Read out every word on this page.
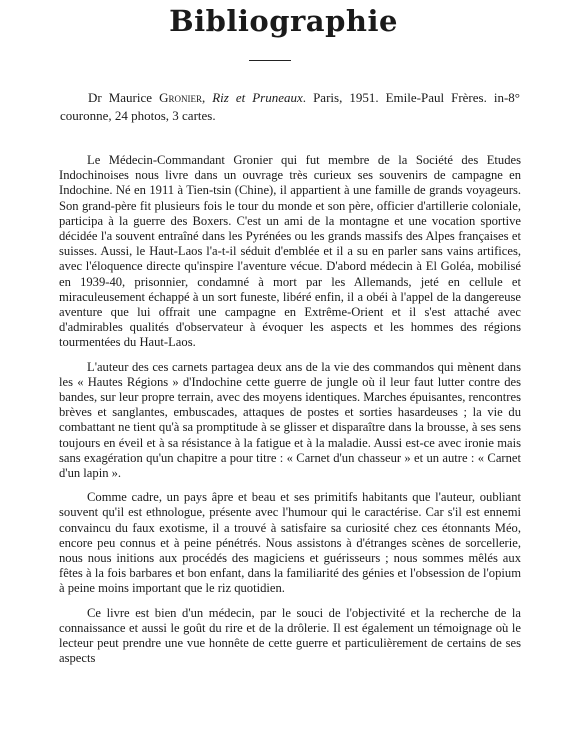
Bibliographie

Dr Maurice Gronier, Riz et Pruneaux. Paris, 1951. Emile-Paul Frères. in-8° couronne, 24 photos, 3 cartes.

Le Médecin-Commandant Gronier qui fut membre de la Société des Etudes Indochinoises nous livre dans un ouvrage très curieux ses souvenirs de campagne en Indochine. Né en 1911 à Tien-tsin (Chine), il appartient à une famille de grands voyageurs. Son grand-père fit plusieurs fois le tour du monde et son père, officier d'artillerie coloniale, participa à la guerre des Boxers. C'est un ami de la montagne et une vocation sportive décidée l'a souvent entraîné dans les Pyrénées ou les grands massifs des Alpes françaises et suisses. Aussi, le Haut-Laos l'a-t-il séduit d'emblée et il a su en parler sans vains artifices, avec l'éloquence directe qu'inspire l'aventure vécue. D'abord médecin à El Goléa, mobilisé en 1939-40, prisonnier, condamné à mort par les Allemands, jeté en cellule et miraculeusement échappé à un sort funeste, libéré enfin, il a obéi à l'appel de la dangereuse aventure que lui offrait une campagne en Extrême-Orient et il s'est attaché avec d'admirables qualités d'observateur à évoquer les aspects et les hommes des régions tourmentées du Haut-Laos.

L'auteur des ces carnets partagea deux ans de la vie des commandos qui mènent dans les « Hautes Régions » d'Indochine cette guerre de jungle où il leur faut lutter contre des bandes, sur leur propre terrain, avec des moyens identiques. Marches épuisantes, rencontres brèves et sanglantes, embuscades, attaques de postes et sorties hasardeuses ; la vie du combattant ne tient qu'à sa promptitude à se glisser et disparaître dans la brousse, à ses sens toujours en éveil et à sa résistance à la fatigue et à la maladie. Aussi est-ce avec ironie mais sans exagération qu'un chapitre a pour titre : « Carnet d'un chasseur » et un autre : « Carnet d'un lapin ».

Comme cadre, un pays âpre et beau et ses primitifs habitants que l'auteur, oubliant souvent qu'il est ethnologue, présente avec l'humour qui le caractérise. Car s'il est ennemi convaincu du faux exotisme, il a trouvé à satisfaire sa curiosité chez ces étonnants Méo, encore peu connus et à peine pénétrés. Nous assistons à d'étranges scènes de sorcellerie, nous nous initions aux procédés des magiciens et guérisseurs ; nous sommes mêlés aux fêtes à la fois barbares et bon enfant, dans la familiarité des génies et l'obsession de l'opium à peine moins important que le riz quotidien.

Ce livre est bien d'un médecin, par le souci de l'objectivité et la recherche de la connaissance et aussi le goût du rire et de la drôlerie. Il est également un témoignage où le lecteur peut prendre une vue honnête de cette guerre et particulièrement de certains de ses aspects
